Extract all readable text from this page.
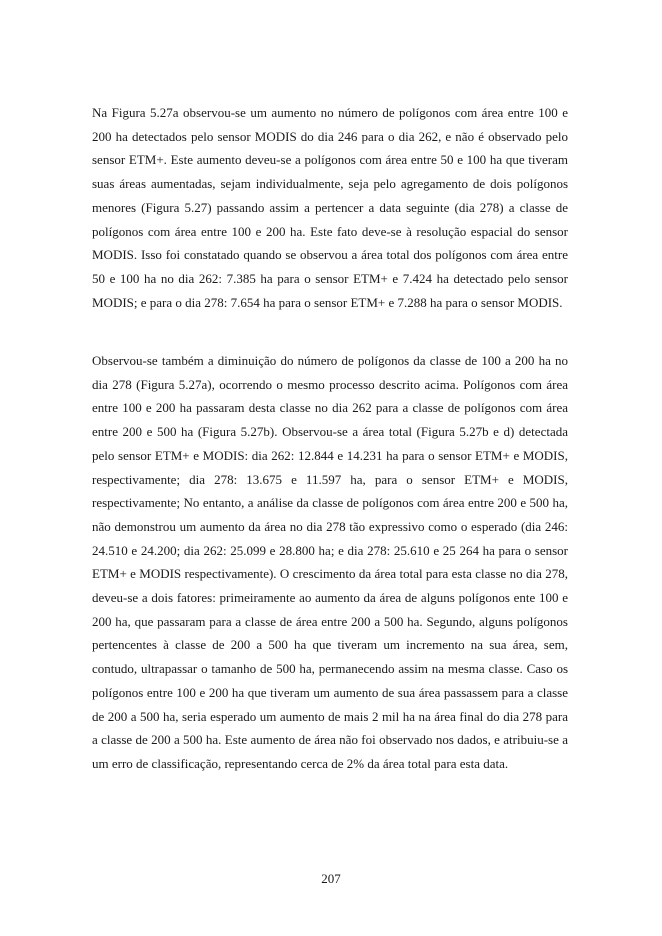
Na Figura 5.27a observou-se um aumento no número de polígonos com área entre 100 e 200 ha detectados pelo sensor MODIS do dia 246 para o dia 262, e não é observado pelo sensor ETM+. Este aumento deveu-se a polígonos com área entre 50 e 100 ha que tiveram suas áreas aumentadas, sejam individualmente, seja pelo agregamento de dois polígonos menores (Figura 5.27) passando assim a pertencer a data seguinte (dia 278) a classe de polígonos com área entre 100 e 200 ha. Este fato deve-se à resolução espacial do sensor MODIS. Isso foi constatado quando se observou a área total dos polígonos com área entre 50 e 100 ha no dia 262: 7.385 ha para o sensor ETM+ e 7.424 ha detectado pelo sensor MODIS; e para o dia 278: 7.654 ha para o sensor ETM+ e 7.288 ha para o sensor MODIS.

Observou-se também a diminuição do número de polígonos da classe de 100 a 200 ha no dia 278 (Figura 5.27a), ocorrendo o mesmo processo descrito acima. Polígonos com área entre 100 e 200 ha passaram desta classe no dia 262 para a classe de polígonos com área entre 200 e 500 ha (Figura 5.27b). Observou-se a área total (Figura 5.27b e d) detectada pelo sensor ETM+ e MODIS: dia 262: 12.844 e 14.231 ha para o sensor ETM+ e MODIS, respectivamente; dia 278: 13.675 e 11.597 ha, para o sensor ETM+ e MODIS, respectivamente; No entanto, a análise da classe de polígonos com área entre 200 e 500 ha, não demonstrou um aumento da área no dia 278 tão expressivo como o esperado (dia 246: 24.510 e 24.200; dia 262: 25.099 e 28.800 ha; e dia 278: 25.610 e 25 264 ha para o sensor ETM+ e MODIS respectivamente). O crescimento da área total para esta classe no dia 278, deveu-se a dois fatores: primeiramente ao aumento da área de alguns polígonos ente 100 e 200 ha, que passaram para a classe de área entre 200 a 500 ha. Segundo, alguns polígonos pertencentes à classe de 200 a 500 ha que tiveram um incremento na sua área, sem, contudo, ultrapassar o tamanho de 500 ha, permanecendo assim na mesma classe. Caso os polígonos entre 100 e 200 ha que tiveram um aumento de sua área passassem para a classe de 200 a 500 ha, seria esperado um aumento de mais 2 mil ha na área final do dia 278 para a classe de 200 a 500 ha. Este aumento de área não foi observado nos dados, e atribuiu-se a um erro de classificação, representando cerca de 2% da área total para esta data.

207
